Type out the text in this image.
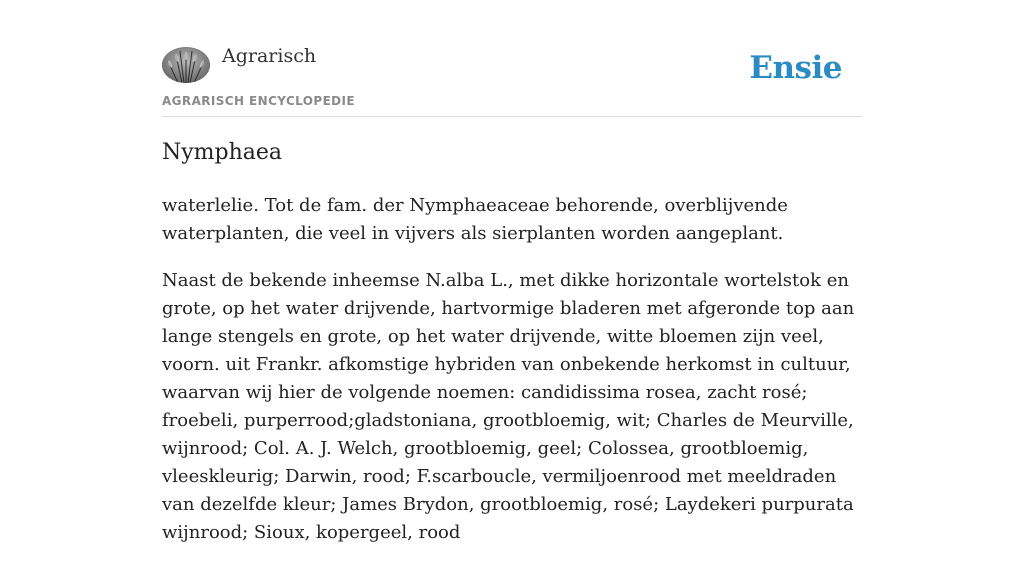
Agrarisch
AGRARISCH ENCYCLOPEDIE
Ensie
Nymphaea

waterlelie. Tot de fam. der Nymphaeaceae behorende, overblijvende waterplanten, die veel in vijvers als sierplanten worden aangeplant.

Naast de bekende inheemse N.alba L., met dikke horizontale wortelstok en grote, op het water drijvende, hartvormige bladeren met afgeronde top aan lange stengels en grote, op het water drijvende, witte bloemen zijn veel, voorn. uit Frankr. afkomstige hybriden van onbekende herkomst in cultuur, waarvan wij hier de volgende noemen: candidissima rosea, zacht rosé; froebeli, purperrood;gladstoniana, grootbloemig, wit; Charles de Meurville, wijnrood; Col. A. J. Welch, grootbloemig, geel; Colossea, grootbloemig, vleeskleurig; Darwin, rood; F.scarboucle, vermiljoenrood met meeldraden van dezelfde kleur; James Brydon, grootbloemig, rosé; Laydekeri purpurata wijnrood; Sioux, kopergeel, rood
